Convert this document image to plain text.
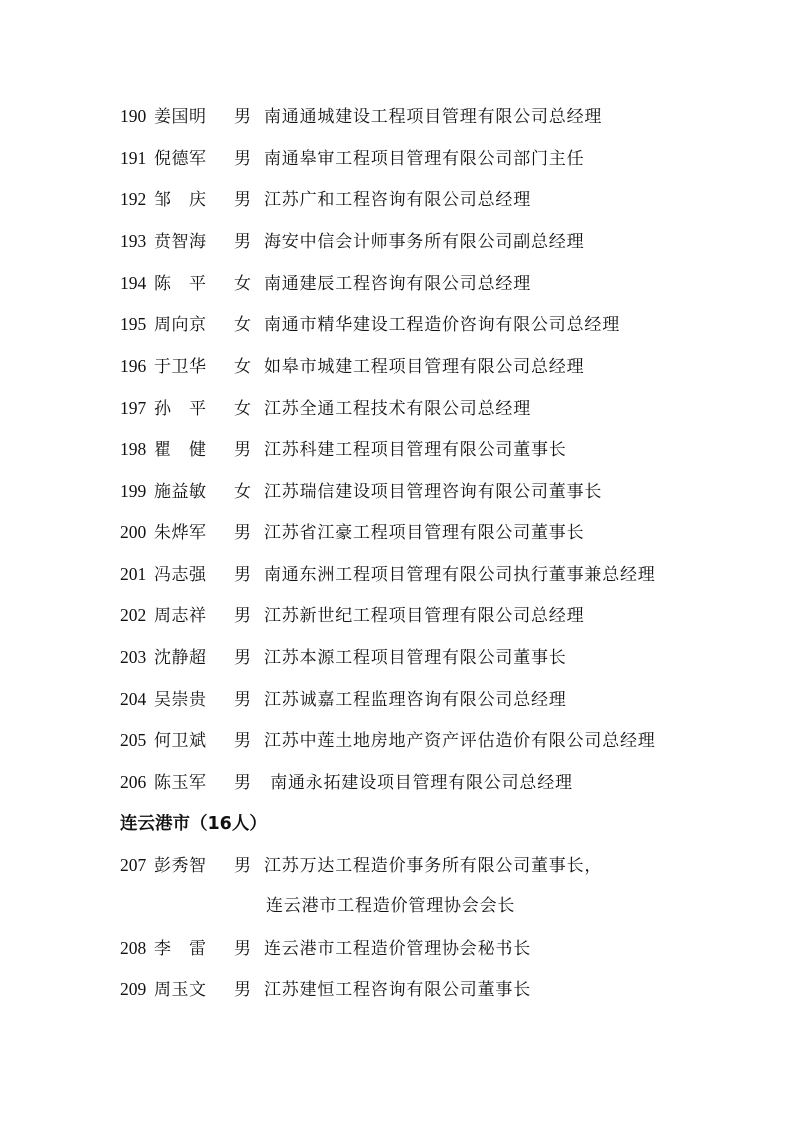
190 姜国明 男 南通通城建设工程项目管理有限公司总经理
191 倪德军 男 南通皋审工程项目管理有限公司部门主任
192 邹　庆 男 江苏广和工程咨询有限公司总经理
193 贲智海 男 海安中信会计师事务所有限公司副总经理
194 陈　平 女 南通建辰工程咨询有限公司总经理
195 周向京 女 南通市精华建设工程造价咨询有限公司总经理
196 于卫华 女 如皋市城建工程项目管理有限公司总经理
197 孙　平 女 江苏全通工程技术有限公司总经理
198 瞿　健 男 江苏科建工程项目管理有限公司董事长
199 施益敏 女 江苏瑞信建设项目管理咨询有限公司董事长
200 朱烨军 男 江苏省江豪工程项目管理有限公司董事长
201 冯志强 男 南通东洲工程项目管理有限公司执行董事兼总经理
202 周志祥 男 江苏新世纪工程项目管理有限公司总经理
203 沈静超 男 江苏本源工程项目管理有限公司董事长
204 吴崇贵 男 江苏诚嘉工程监理咨询有限公司总经理
205 何卫斌 男 江苏中莲土地房地产资产评估造价有限公司总经理
206 陈玉军 男 南通永拓建设项目管理有限公司总经理
连云港市（16人）
207 彭秀智 男 江苏万达工程造价事务所有限公司董事长，
连云港市工程造价管理协会会长
208 李　雷 男 连云港市工程造价管理协会秘书长
209 周玉文 男 江苏建恒工程咨询有限公司董事长
